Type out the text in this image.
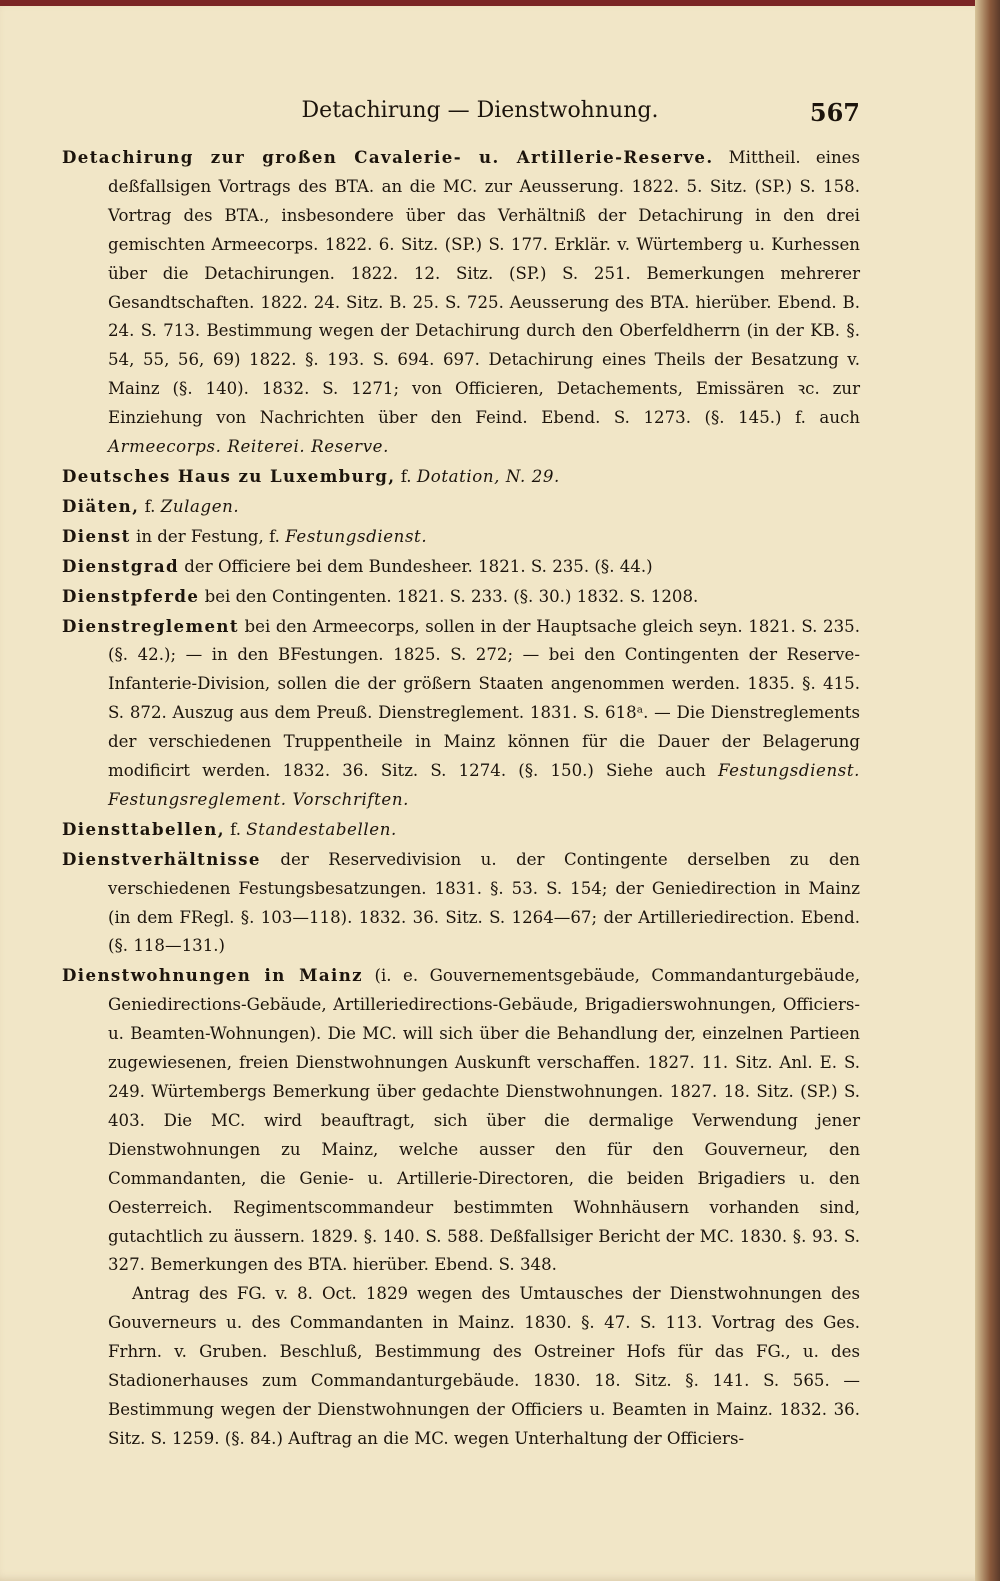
Detachirung — Dienstwohnung.	567

Detachirung zur großen Cavalerie- u. Artillerie-Reserve. Mittheil. eines deßfallsigen Vortrags des BTA. an die MC. zur Aeusserung. 1822. 5. Sitz. (SP.) S. 158. Vortrag des BTA., insbesondere über das Verhältniß der Detachirung in den drei gemischten Armeecorps. 1822. 6. Sitz. (SP.) S. 177. Erklär. v. Würtemberg u. Kurhessen über die Detachirungen. 1822. 12. Sitz. (SP.) S. 251. Bemerkungen mehrerer Gesandtschaften. 1822. 24. Sitz. B. 25. S. 725. Aeusserung des BTA. hierüber. Ebend. B. 24. S. 713. Bestimmung wegen der Detachirung durch den Oberfeldherrn (in der KB. §. 54, 55, 56, 69) 1822. §. 193. S. 694. 697. Detachirung eines Theils der Besatzung v. Mainz (§. 140). 1832. S. 1271; von Officieren, Detachements, Emissären ꝛc. zur Einziehung von Nachrichten über den Feind. Ebend. S. 1273. (§. 145.) f. auch Armeecorps. Reiterei. Reserve.

Deutsches Haus zu Luxemburg, f. Dotation, N. 29.

Diäten, f. Zulagen.

Dienst in der Festung, f. Festungsdienst.

Dienstgrad der Officiere bei dem Bundesheer. 1821. S. 235. (§. 44.)

Dienstpferde bei den Contingenten. 1821. S. 233. (§. 30.) 1832. S. 1208.

Dienstreglement bei den Armeecorps, sollen in der Hauptsache gleich seyn. 1821. S. 235. (§. 42.); — in den BFestungen. 1825. S. 272; — bei den Contingenten der Reserve-Infanterie-Division, sollen die der größern Staaten angenommen werden. 1835. §. 415. S. 872. Auszug aus dem Preuß. Dienstreglement. 1831. S. 618ᵃ. — Die Dienstreglements der verschiedenen Truppentheile in Mainz können für die Dauer der Belagerung modificirt werden. 1832. 36. Sitz. S. 1274. (§. 150.) Siehe auch Festungsdienst. Festungsreglement. Vorschriften.

Diensttabellen, f. Standestabellen.

Dienstverhältnisse der Reservedivision u. der Contingente derselben zu den verschiedenen Festungsbesatzungen. 1831. §. 53. S. 154; der Geniedirection in Mainz (in dem FRegl. §. 103—118). 1832. 36. Sitz. S. 1264—67; der Artilleriedirection. Ebend. (§. 118—131.)

Dienstwohnungen in Mainz (i. e. Gouvernementsgebäude, Commandanturgebäude, Geniedirections-Gebäude, Artilleriedirections-Gebäude, Brigadierswohnungen, Officiers- u. Beamten-Wohnungen). Die MC. will sich über die Behandlung der, einzelnen Partieen zugewiesenen, freien Dienstwohnungen Auskunft verschaffen. 1827. 11. Sitz. Anl. E. S. 249. Würtembergs Bemerkung über gedachte Dienstwohnungen. 1827. 18. Sitz. (SP.) S. 403. Die MC. wird beauftragt, sich über die dermalige Verwendung jener Dienstwohnungen zu Mainz, welche ausser den für den Gouverneur, den Commandanten, die Genie- u. Artillerie-Directoren, die beiden Brigadiers u. den Oesterreich. Regimentscommandeur bestimmten Wohnhäusern vorhanden sind, gutachtlich zu äussern. 1829. §. 140. S. 588. Deßfallsiger Bericht der MC. 1830. §. 93. S. 327. Bemerkungen des BTA. hierüber. Ebend. S. 348.

Antrag des FG. v. 8. Oct. 1829 wegen des Umtausches der Dienstwohnungen des Gouverneurs u. des Commandanten in Mainz. 1830. §. 47. S. 113. Vortrag des Ges. Frhrn. v. Gruben. Beschluß, Bestimmung des Ostreiner Hofs für das FG., u. des Stadionerhauses zum Commandanturgebäude. 1830. 18. Sitz. §. 141. S. 565. — Bestimmung wegen der Dienstwohnungen der Officiers u. Beamten in Mainz. 1832. 36. Sitz. S. 1259. (§. 84.) Auftrag an die MC. wegen Unterhaltung der Officiers-
